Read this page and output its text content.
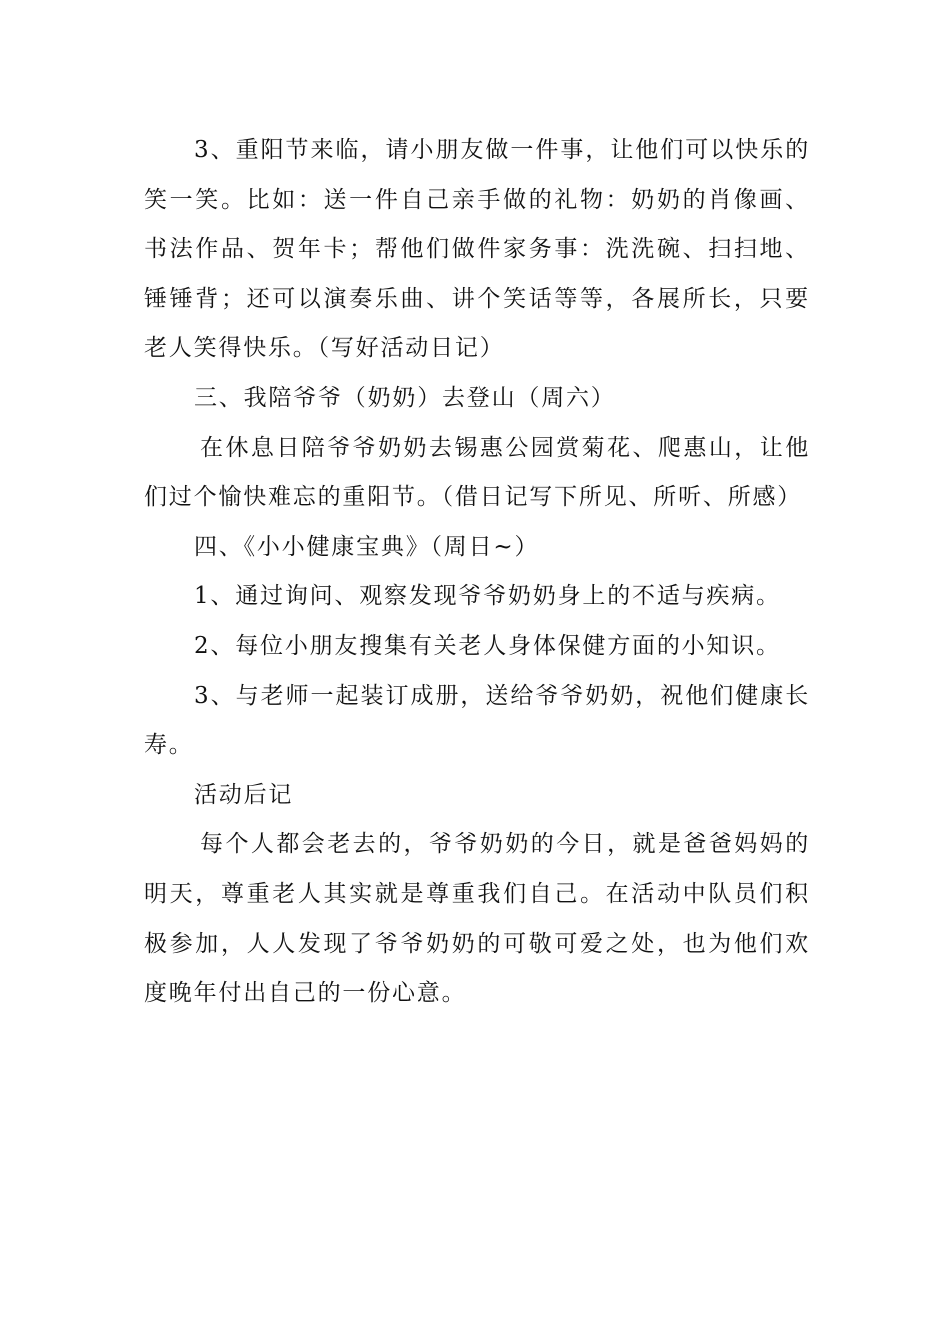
3、重阳节来临，请小朋友做一件事，让他们可以快乐的笑一笑。比如：送一件自己亲手做的礼物：奶奶的肖像画、书法作品、贺年卡；帮他们做件家务事：洗洗碗、扫扫地、锤锤背；还可以演奏乐曲、讲个笑话等等，各展所长，只要老人笑得快乐。（写好活动日记）

三、我陪爷爷（奶奶）去登山（周六）

在休息日陪爷爷奶奶去锡惠公园赏菊花、爬惠山，让他们过个愉快难忘的重阳节。（借日记写下所见、所听、所感）

四、《小小健康宝典》（周日~）

1、通过询问、观察发现爷爷奶奶身上的不适与疾病。

2、每位小朋友搜集有关老人身体保健方面的小知识。

3、与老师一起装订成册，送给爷爷奶奶，祝他们健康长寿。

活动后记

每个人都会老去的，爷爷奶奶的今日，就是爸爸妈妈的明天，尊重老人其实就是尊重我们自己。在活动中队员们积极参加，人人发现了爷爷奶奶的可敬可爱之处，也为他们欢度晚年付出自己的一份心意。
